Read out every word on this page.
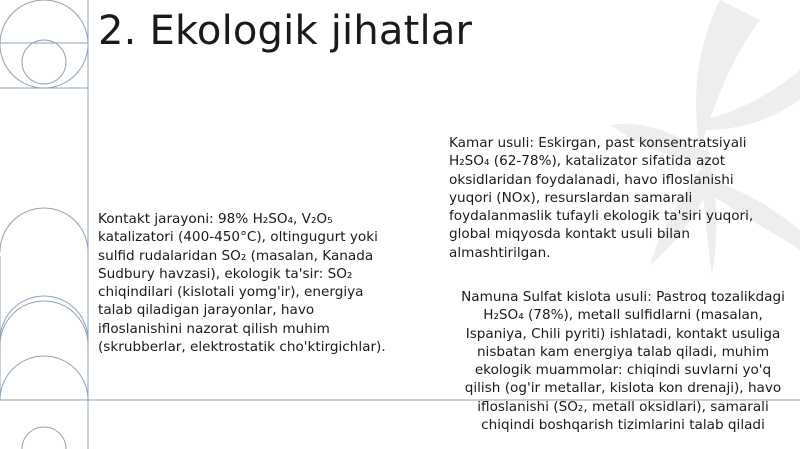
2. Ekologik jihatlar
Kontakt jarayoni: 98% H₂SO₄, V₂O₅
katalizatori (400-450°C), oltingugurt yoki
sulfid rudalaridan SO₂ (masalan, Kanada
Sudbury havzasi), ekologik ta'sir: SO₂
chiqindilari (kislotali yomg'ir), energiya
talab qiladigan jarayonlar, havo
ifloslanishini nazorat qilish muhim
(skrubberlar, elektrostatik cho'ktirgichlar).
Kamar usuli: Eskirgan, past konsentratsiyali
H₂SO₄ (62-78%), katalizator sifatida azot
oksidlaridan foydalanadi, havo ifloslanishi
yuqori (NOx), resurslardan samarali
foydalanmaslik tufayli ekologik ta'siri yuqori,
global miqyosda kontakt usuli bilan
almashtirilgan.
Namuna Sulfat kislota usuli: Pastroq tozalikdagi
H₂SO₄ (78%), metall sulfidlarni (masalan,
Ispaniya, Chili pyriti) ishlatadi, kontakt usuliga
nisbatan kam energiya talab qiladi, muhim
ekologik muammolar: chiqindi suvlarni yo'q
qilish (og'ir metallar, kislota kon drenaji), havo
ifloslanishi (SO₂, metall oksidlari), samarali
chiqindi boshqarish tizimlarini talab qiladi
